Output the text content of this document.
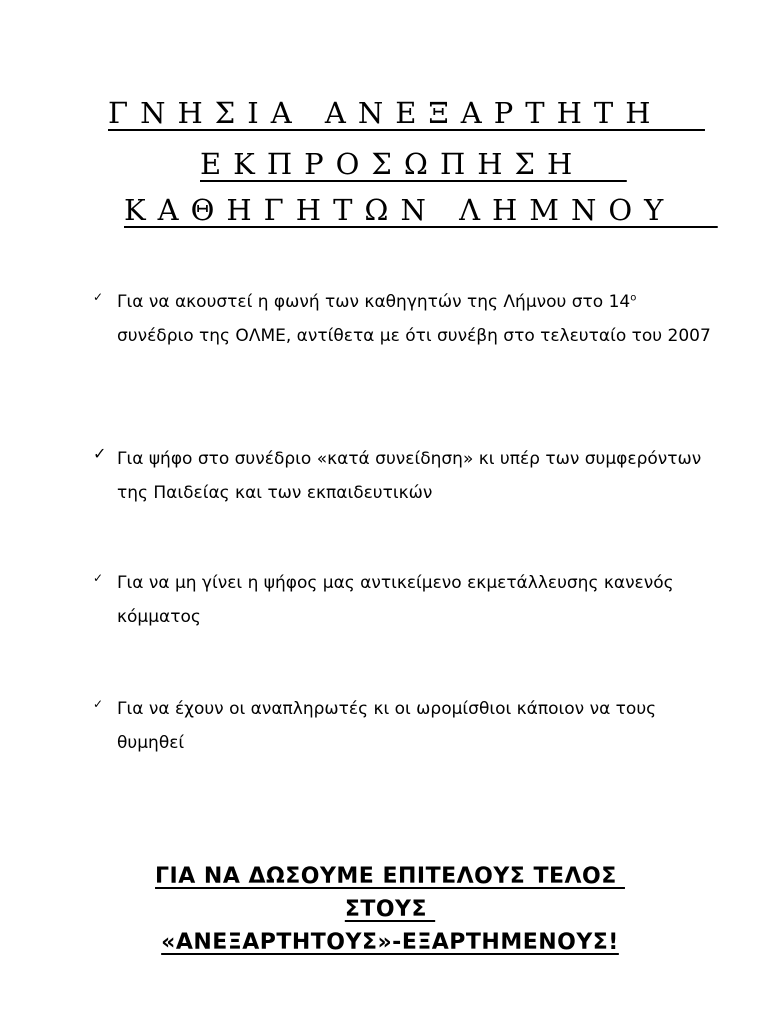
ΓΝΗΣΙΑ ΑΝΕΞΑΡΤΗΤΗ
ΕΚΠΡΟΣΩΠΗΣΗ
ΚΑΘΗΓΗΤΩΝ ΛΗΜΝΟΥ
✓ Για να ακουστεί η φωνή των καθηγητών της Λήμνου στο $14^o$ συνέδριο της ΟΛΜΕ, αντίθετα με ότι συνέβη στο τελευταίο του 2007
✓ Για ψήφο στο συνέδριο «κατά συνείδηση» κι υπέρ των συμφερόντων της Παιδείας και των εκπαιδευτικών
✓ Για να μη γίνει η ψήφος μας αντικείμενο εκμετάλλευσης κανενός κόμματος
✓ Για να έχουν οι αναπληρωτές κι οι ωρομίσθιοι κάποιον να τους θυμηθεί
ΓΙΑ ΝΑ ΔΩΣΟΥΜΕ ΕΠΙΤΕΛΟΥΣ ΤΕΛΟΣ
ΣΤΟΥΣ
«ΑΝΕΞΑΡΤΗΤΟΥΣ»-ΕΞΑΡΤΗΜΕΝΟΥΣ!
